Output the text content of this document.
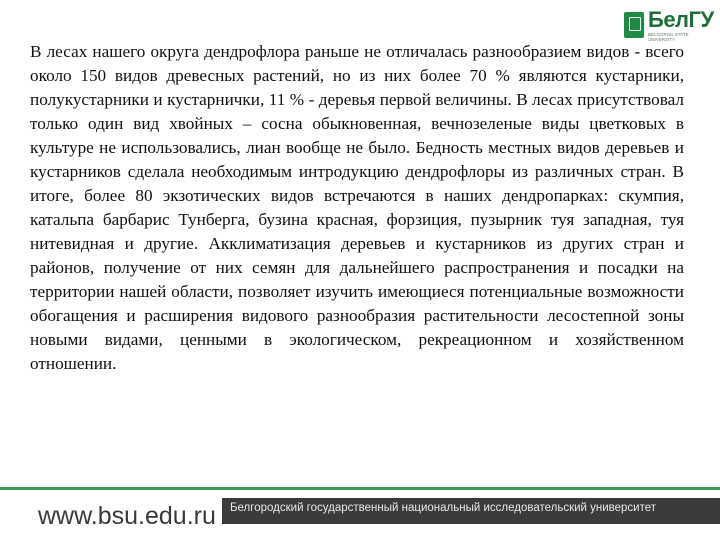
БелГУ
BELGOROD STATE UNIVERSITY

В лесах нашего округа дендрофлора раньше не отличалась разнообразием видов - всего около 150 видов древесных растений, но из них более 70 % являются кустарники, полукустарники и кустарнички, 11 % - деревья первой величины. В лесах присутствовал только один вид хвойных – сосна обыкновенная, вечнозеленые виды цветковых в культуре не использовались, лиан вообще не было. Бедность местных видов деревьев и кустарников сделала необходимым интродукцию дендрофлоры из различных стран. В итоге, более 80 экзотических видов встречаются в наших дендропарках: скумпия, катальпа барбарис Тунберга, бузина красная, форзиция, пузырник туя западная, туя нитевидная и другие. Акклиматизация деревьев и кустарников из других стран и районов, получение от них семян для дальнейшего распространения и посадки на территории нашей области, позволяет изучить имеющиеся потенциальные возможности обогащения и расширения видового разнообразия растительности лесостепной зоны новыми видами, ценными в экологическом, рекреационном и хозяйственном отношении.

www.bsu.edu.ru Белгородский государственный национальный исследовательский университет
